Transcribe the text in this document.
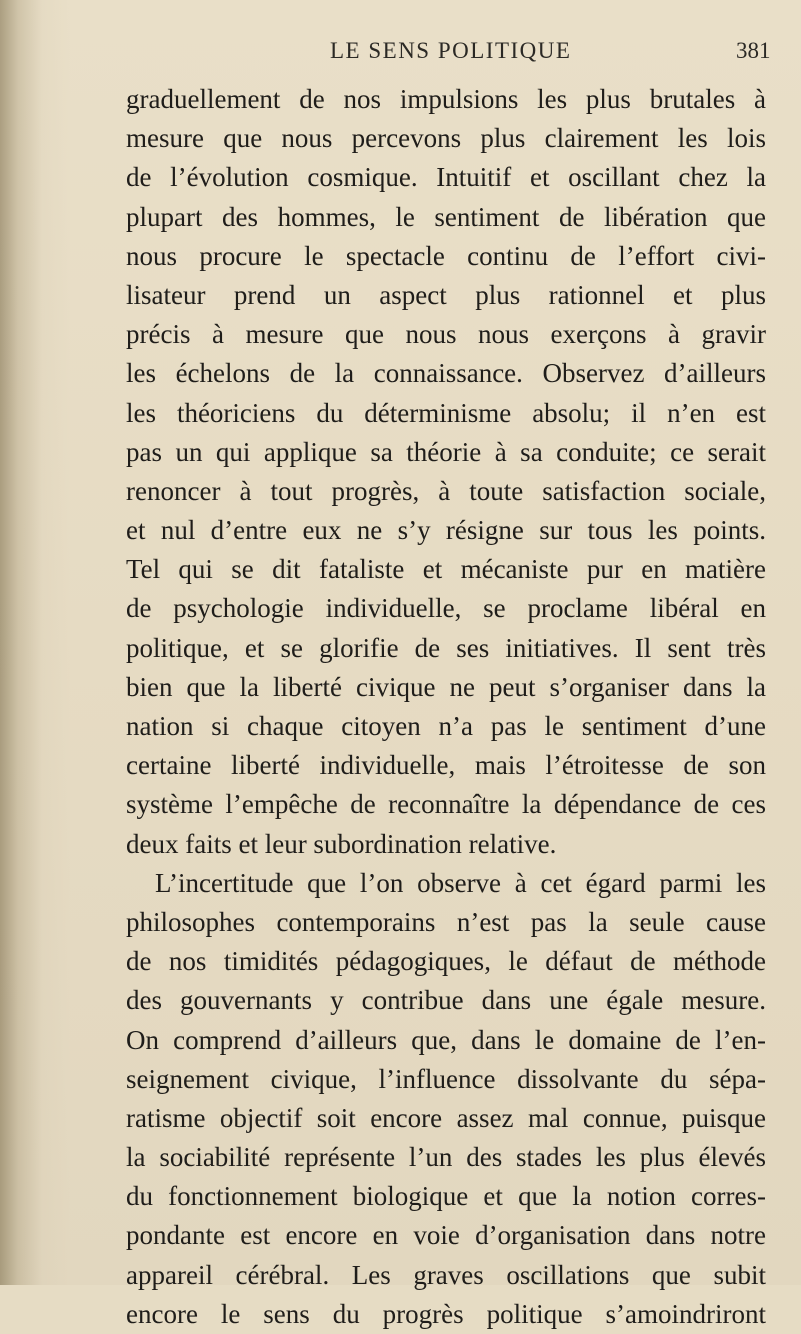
LE SENS POLITIQUE	381
graduellement de nos impulsions les plus brutales à
mesure que nous percevons plus clairement les lois
de l’évolution cosmique. Intuitif et oscillant chez la
plupart des hommes, le sentiment de libération que
nous procure le spectacle continu de l’effort civi-
lisateur prend un aspect plus rationnel et plus
précis à mesure que nous nous exerçons à gravir
les échelons de la connaissance. Observez d’ailleurs
les théoriciens du déterminisme absolu; il n’en est
pas un qui applique sa théorie à sa conduite; ce serait
renoncer à tout progrès, à toute satisfaction sociale,
et nul d’entre eux ne s’y résigne sur tous les points.
Tel qui se dit fataliste et mécaniste pur en matière
de psychologie individuelle, se proclame libéral en
politique, et se glorifie de ses initiatives. Il sent très
bien que la liberté civique ne peut s’organiser dans la
nation si chaque citoyen n’a pas le sentiment d’une
certaine liberté individuelle, mais l’étroitesse de son
système l’empêche de reconnaître la dépendance de ces
deux faits et leur subordination relative.
L’incertitude que l’on observe à cet égard parmi les
philosophes contemporains n’est pas la seule cause
de nos timidités pédagogiques, le défaut de méthode
des gouvernants y contribue dans une égale mesure.
On comprend d’ailleurs que, dans le domaine de l’en-
seignement civique, l’influence dissolvante du sépa-
ratisme objectif soit encore assez mal connue, puisque
la sociabilité représente l’un des stades les plus élevés
du fonctionnement biologique et que la notion corres-
pondante est encore en voie d’organisation dans notre
appareil cérébral. Les graves oscillations que subit
encore le sens du progrès politique s’amoindriront
